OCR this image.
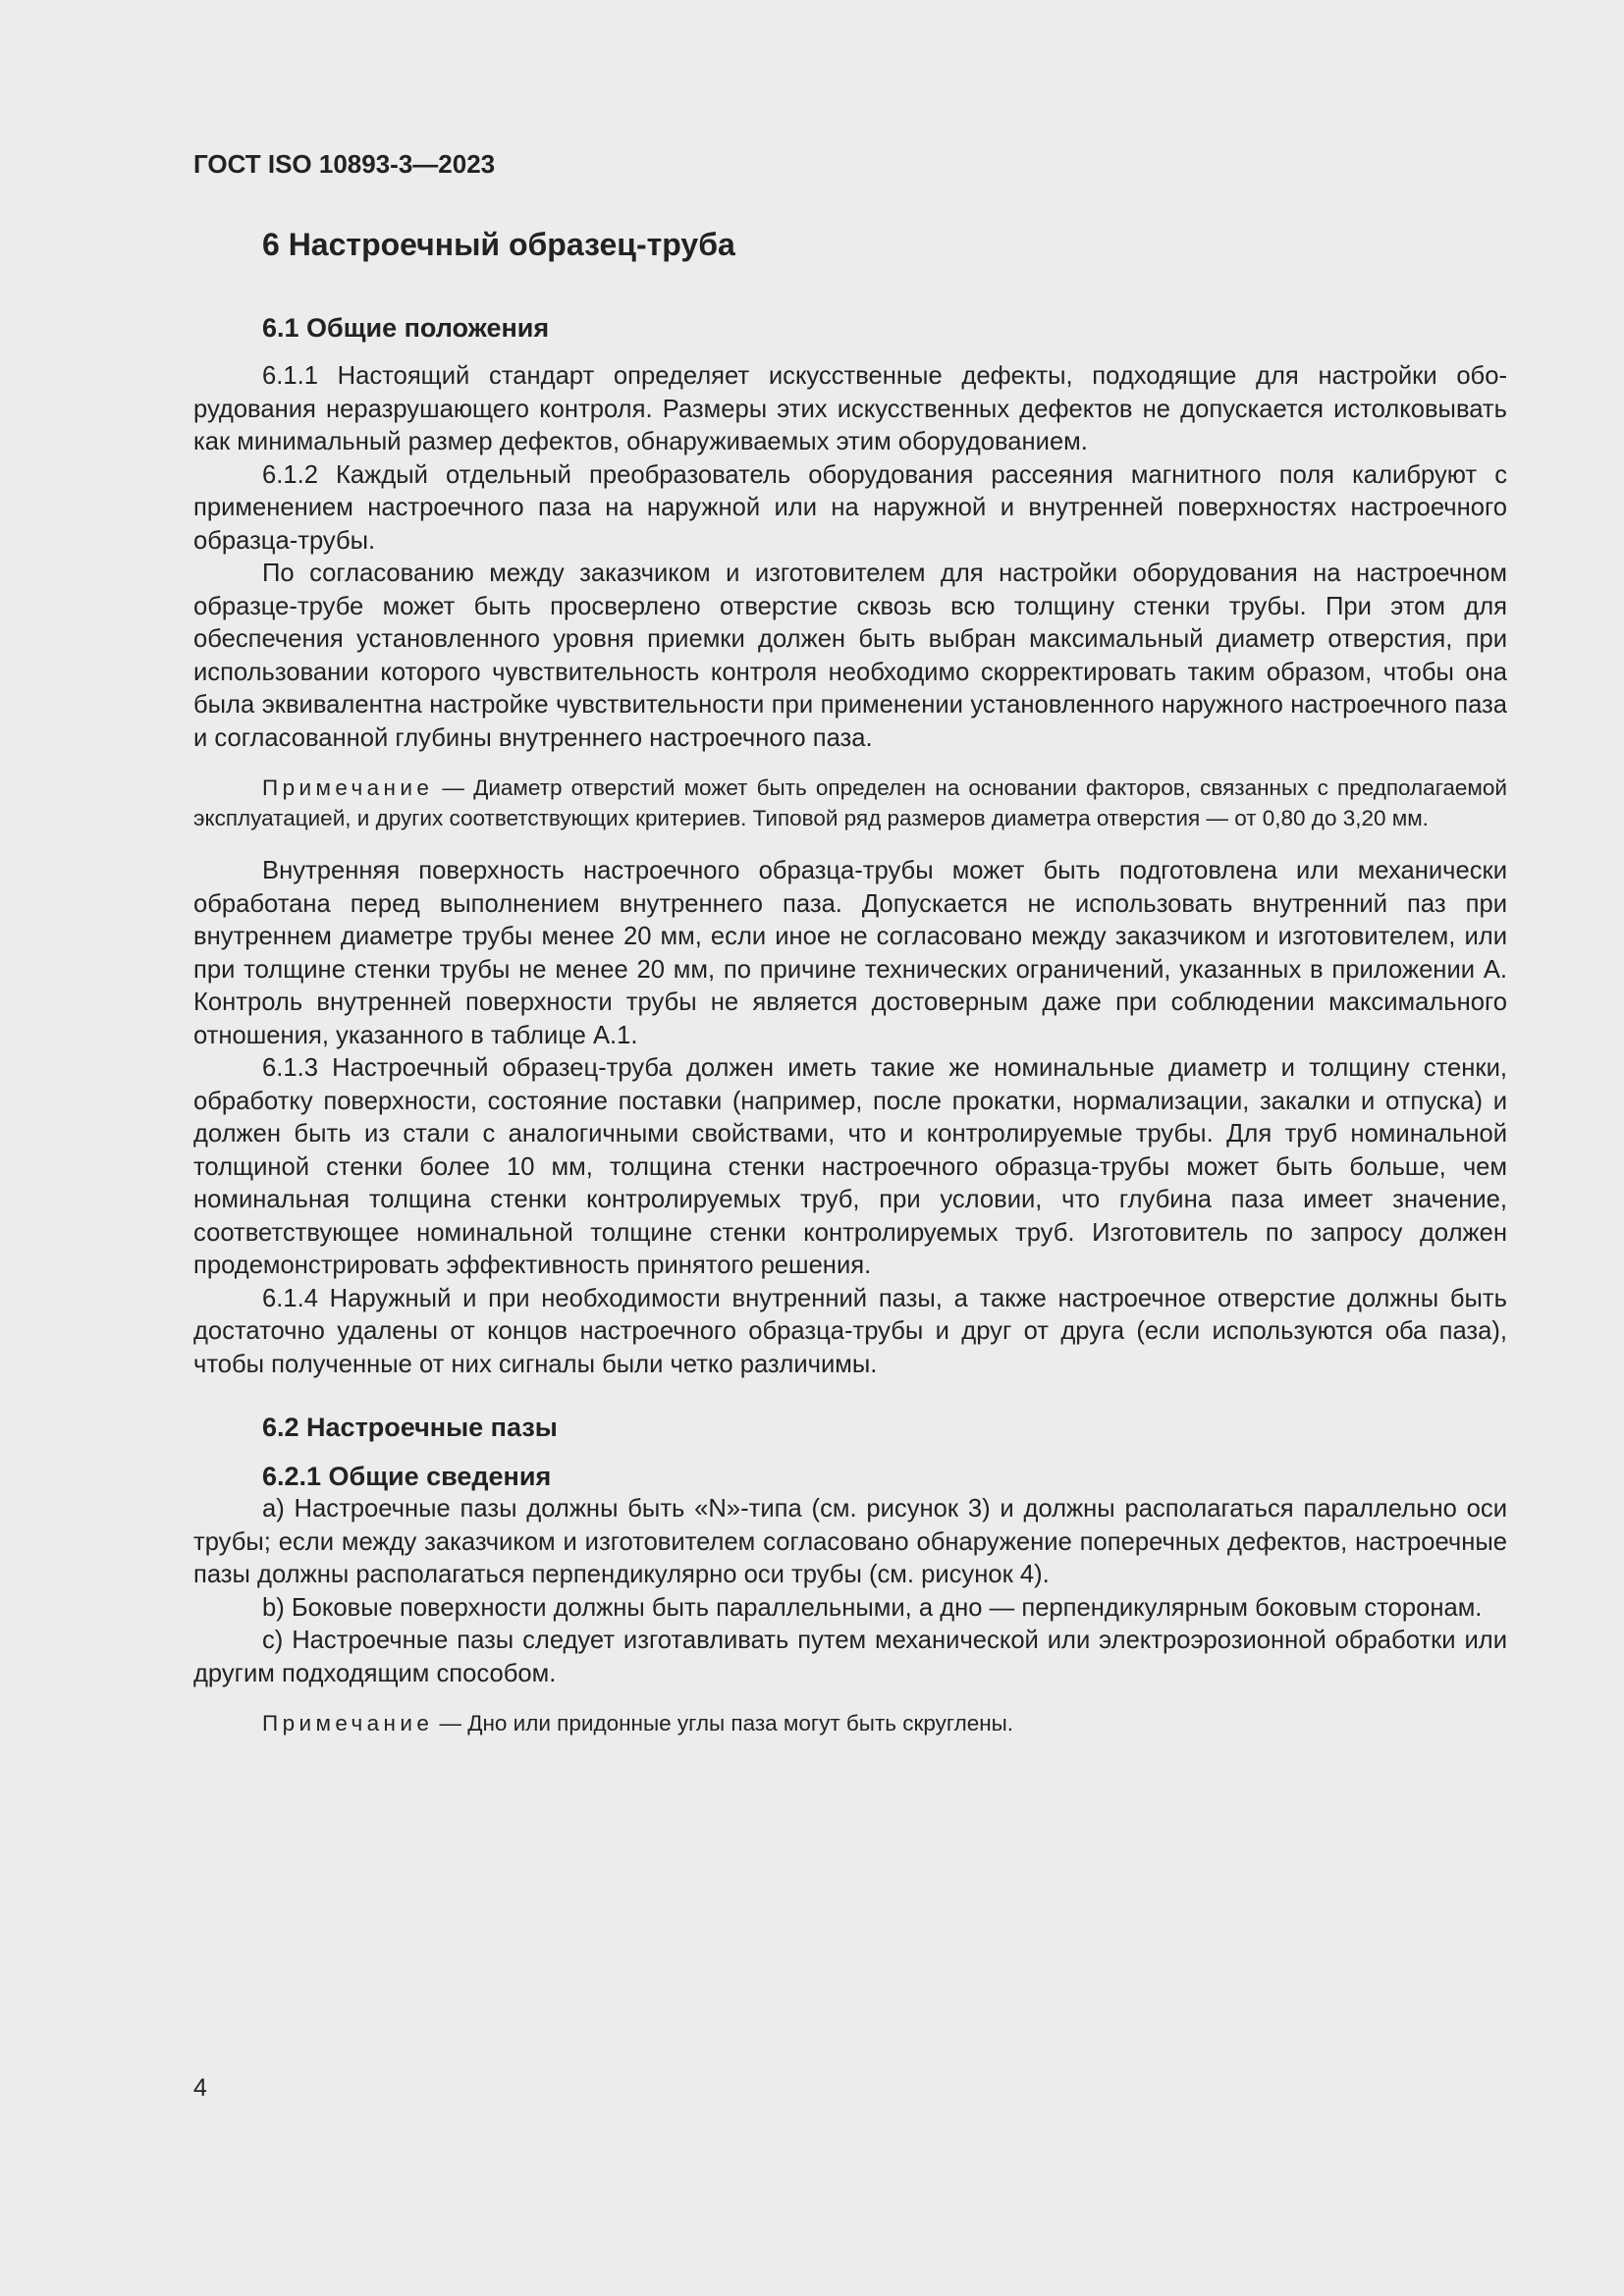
ГОСТ ISO 10893-3—2023
6 Настроечный образец-труба
6.1 Общие положения

6.1.1 Настоящий стандарт определяет искусственные дефекты, подходящие для настройки оборудования неразрушающего контроля. Размеры этих искусственных дефектов не допускается истолковывать как минимальный размер дефектов, обнаруживаемых этим оборудованием.

6.1.2 Каждый отдельный преобразователь оборудования рассеяния магнитного поля калибруют с применением настроечного паза на наружной или на наружной и внутренней поверхностях настроечного образца-трубы.

По согласованию между заказчиком и изготовителем для настройки оборудования на настроечном образце-трубе может быть просверлено отверстие сквозь всю толщину стенки трубы. При этом для обеспечения установленного уровня приемки должен быть выбран максимальный диаметр отверстия, при использовании которого чувствительность контроля необходимо скорректировать таким образом, чтобы она была эквивалентна настройке чувствительности при применении установленного наружного настроечного паза и согласованной глубины внутреннего настроечного паза.

Примечание — Диаметр отверстий может быть определен на основании факторов, связанных с предполагаемой эксплуатацией, и других соответствующих критериев. Типовой ряд размеров диаметра отверстия — от 0,80 до 3,20 мм.

Внутренняя поверхность настроечного образца-трубы может быть подготовлена или механически обработана перед выполнением внутреннего паза. Допускается не использовать внутренний паз при внутреннем диаметре трубы менее 20 мм, если иное не согласовано между заказчиком и изготовителем, или при толщине стенки трубы не менее 20 мм, по причине технических ограничений, указанных в приложении А. Контроль внутренней поверхности трубы не является достоверным даже при соблюдении максимального отношения, указанного в таблице А.1.

6.1.3 Настроечный образец-труба должен иметь такие же номинальные диаметр и толщину стенки, обработку поверхности, состояние поставки (например, после прокатки, нормализации, закалки и отпуска) и должен быть из стали с аналогичными свойствами, что и контролируемые трубы. Для труб номинальной толщиной стенки более 10 мм, толщина стенки настроечного образца-трубы может быть больше, чем номинальная толщина стенки контролируемых труб, при условии, что глубина паза имеет значение, соответствующее номинальной толщине стенки контролируемых труб. Изготовитель по запросу должен продемонстрировать эффективность принятого решения.

6.1.4 Наружный и при необходимости внутренний пазы, а также настроечное отверстие должны быть достаточно удалены от концов настроечного образца-трубы и друг от друга (если используются оба паза), чтобы полученные от них сигналы были четко различимы.

6.2 Настроечные пазы
6.2.1 Общие сведения

а) Настроечные пазы должны быть «N»-типа (см. рисунок 3) и должны располагаться параллельно оси трубы; если между заказчиком и изготовителем согласовано обнаружение поперечных дефектов, настроечные пазы должны располагаться перпендикулярно оси трубы (см. рисунок 4).

b) Боковые поверхности должны быть параллельными, а дно — перпендикулярным боковым сторонам.

c) Настроечные пазы следует изготавливать путем механической или электроэрозионной обработки или другим подходящим способом.

Примечание — Дно или придонные углы паза могут быть скруглены.

4
